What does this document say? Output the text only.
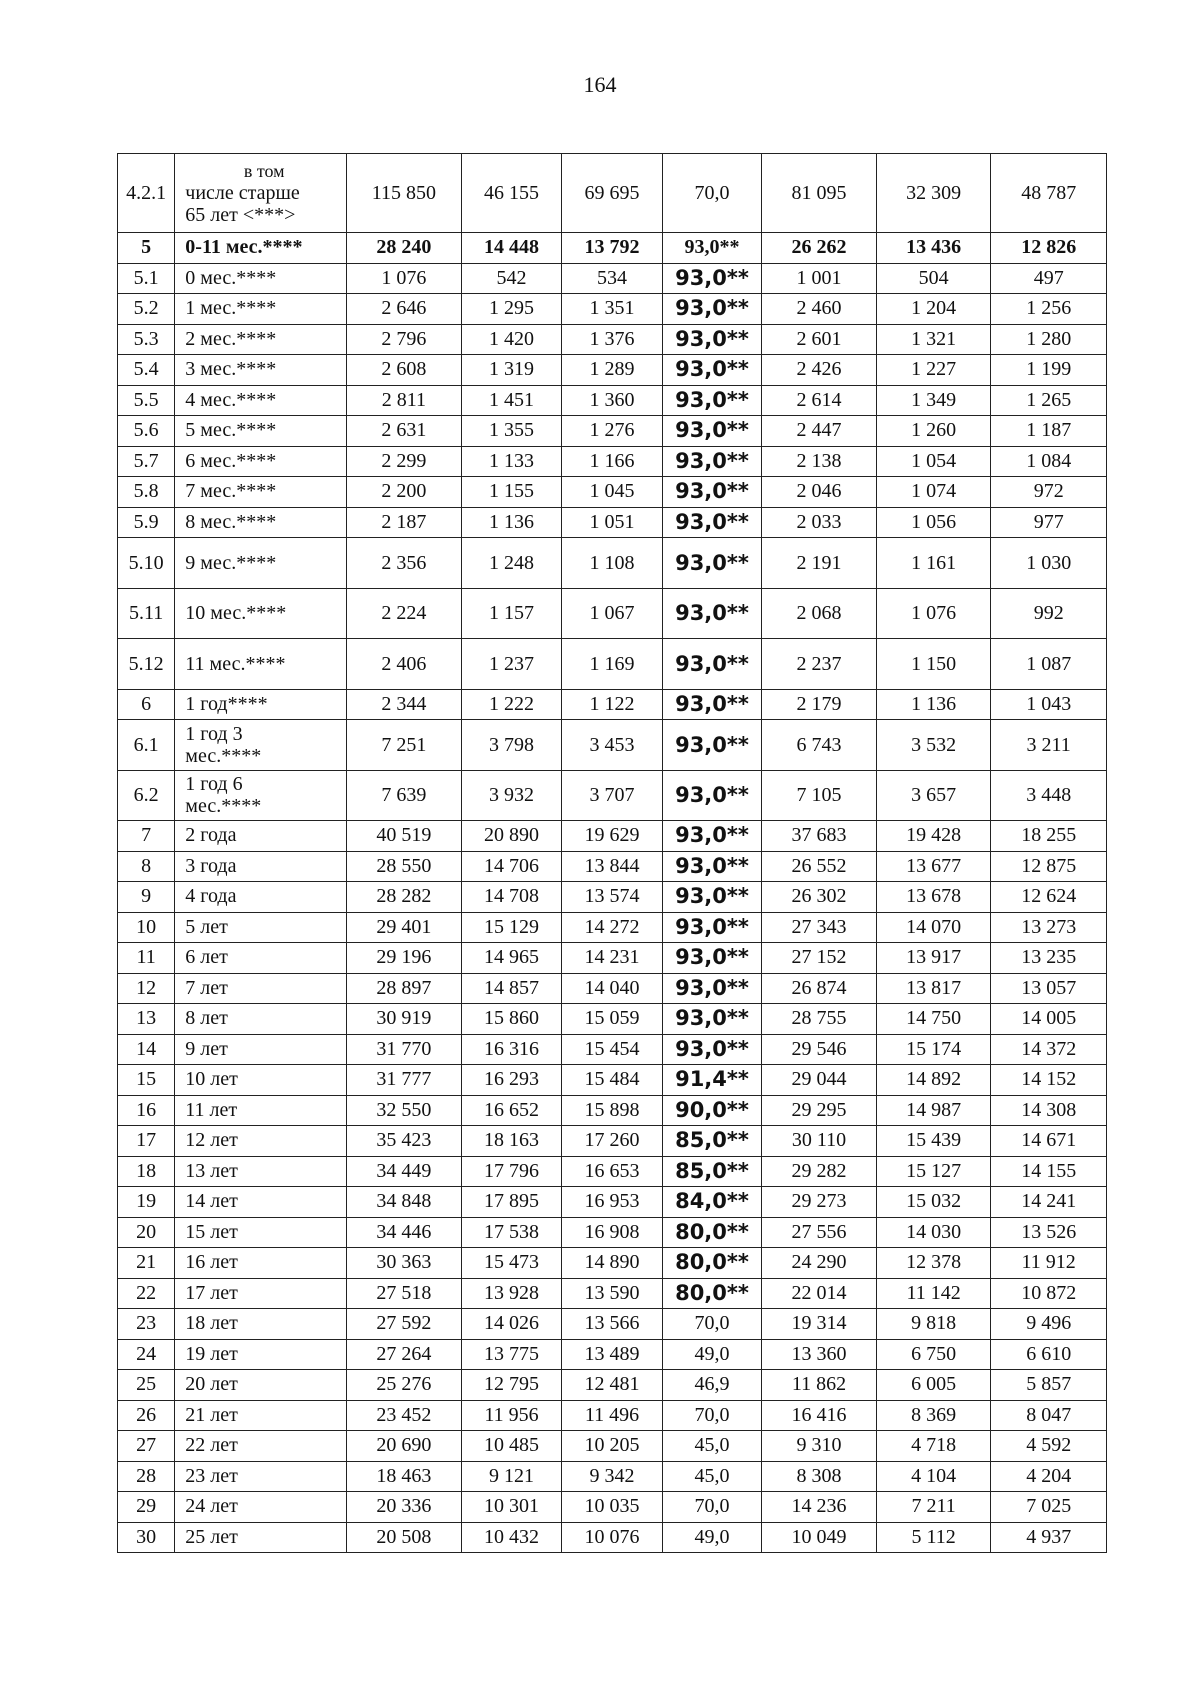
164
4.2.1	в том
числе старше
65 лет <***>	115 850	46 155	69 695	70,0	81 095	32 309	48 787
5	0-11 мес.****	28 240	14 448	13 792	93,0**	26 262	13 436	12 826
5.1	0 мес.****	1 076	542	534	93,0**	1 001	504	497
5.2	1 мес.****	2 646	1 295	1 351	93,0**	2 460	1 204	1 256
5.3	2 мес.****	2 796	1 420	1 376	93,0**	2 601	1 321	1 280
5.4	3 мес.****	2 608	1 319	1 289	93,0**	2 426	1 227	1 199
5.5	4 мес.****	2 811	1 451	1 360	93,0**	2 614	1 349	1 265
5.6	5 мес.****	2 631	1 355	1 276	93,0**	2 447	1 260	1 187
5.7	6 мес.****	2 299	1 133	1 166	93,0**	2 138	1 054	1 084
5.8	7 мес.****	2 200	1 155	1 045	93,0**	2 046	1 074	972
5.9	8 мес.****	2 187	1 136	1 051	93,0**	2 033	1 056	977
5.10	9 мес.****	2 356	1 248	1 108	93,0**	2 191	1 161	1 030
5.11	10 мес.****	2 224	1 157	1 067	93,0**	2 068	1 076	992
5.12	11 мес.****	2 406	1 237	1 169	93,0**	2 237	1 150	1 087
6	1 год****	2 344	1 222	1 122	93,0**	2 179	1 136	1 043
6.1	1 год 3
мес.****	7 251	3 798	3 453	93,0**	6 743	3 532	3 211
6.2	1 год 6
мес.****	7 639	3 932	3 707	93,0**	7 105	3 657	3 448
7	2 года	40 519	20 890	19 629	93,0**	37 683	19 428	18 255
8	3 года	28 550	14 706	13 844	93,0**	26 552	13 677	12 875
9	4 года	28 282	14 708	13 574	93,0**	26 302	13 678	12 624
10	5 лет	29 401	15 129	14 272	93,0**	27 343	14 070	13 273
11	6 лет	29 196	14 965	14 231	93,0**	27 152	13 917	13 235
12	7 лет	28 897	14 857	14 040	93,0**	26 874	13 817	13 057
13	8 лет	30 919	15 860	15 059	93,0**	28 755	14 750	14 005
14	9 лет	31 770	16 316	15 454	93,0**	29 546	15 174	14 372
15	10 лет	31 777	16 293	15 484	91,4**	29 044	14 892	14 152
16	11 лет	32 550	16 652	15 898	90,0**	29 295	14 987	14 308
17	12 лет	35 423	18 163	17 260	85,0**	30 110	15 439	14 671
18	13 лет	34 449	17 796	16 653	85,0**	29 282	15 127	14 155
19	14 лет	34 848	17 895	16 953	84,0**	29 273	15 032	14 241
20	15 лет	34 446	17 538	16 908	80,0**	27 556	14 030	13 526
21	16 лет	30 363	15 473	14 890	80,0**	24 290	12 378	11 912
22	17 лет	27 518	13 928	13 590	80,0**	22 014	11 142	10 872
23	18 лет	27 592	14 026	13 566	70,0	19 314	9 818	9 496
24	19 лет	27 264	13 775	13 489	49,0	13 360	6 750	6 610
25	20 лет	25 276	12 795	12 481	46,9	11 862	6 005	5 857
26	21 лет	23 452	11 956	11 496	70,0	16 416	8 369	8 047
27	22 лет	20 690	10 485	10 205	45,0	9 310	4 718	4 592
28	23 лет	18 463	9 121	9 342	45,0	8 308	4 104	4 204
29	24 лет	20 336	10 301	10 035	70,0	14 236	7 211	7 025
30	25 лет	20 508	10 432	10 076	49,0	10 049	5 112	4 937
